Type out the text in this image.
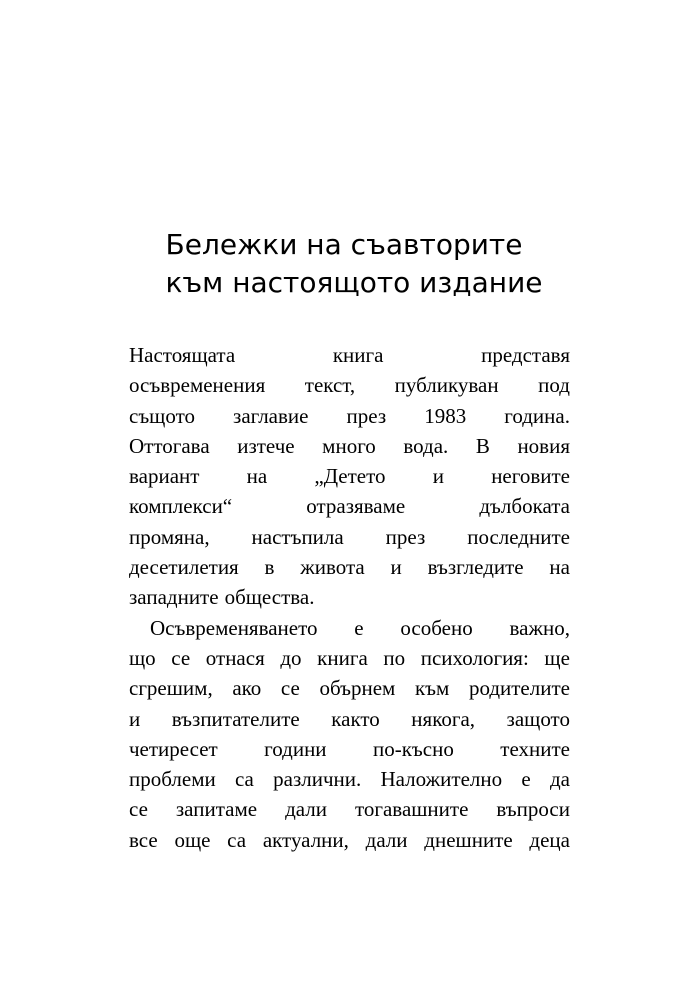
Бележки на съавторите
към настоящото издание
Настоящата	книга	представя
осъвременения текст, публикуван под
същото заглавие през 1983 година.
Оттогава изтече много вода. В новия
вариант на „Детето и неговите
комплекси“	отразяваме	дълбоката
промяна, настъпила през последните
десетилетия в живота и възгледите на
западните общества.
Осъвременяването е особено важно,
що се отнася до книга по психология: ще
сгрешим, ако се обърнем към родителите
и възпитателите както някога, защото
четиресет години по-късно техните
проблеми са различни. Наложително е да
се запитаме дали тогавашните въпроси
все още са актуални, дали днешните деца
